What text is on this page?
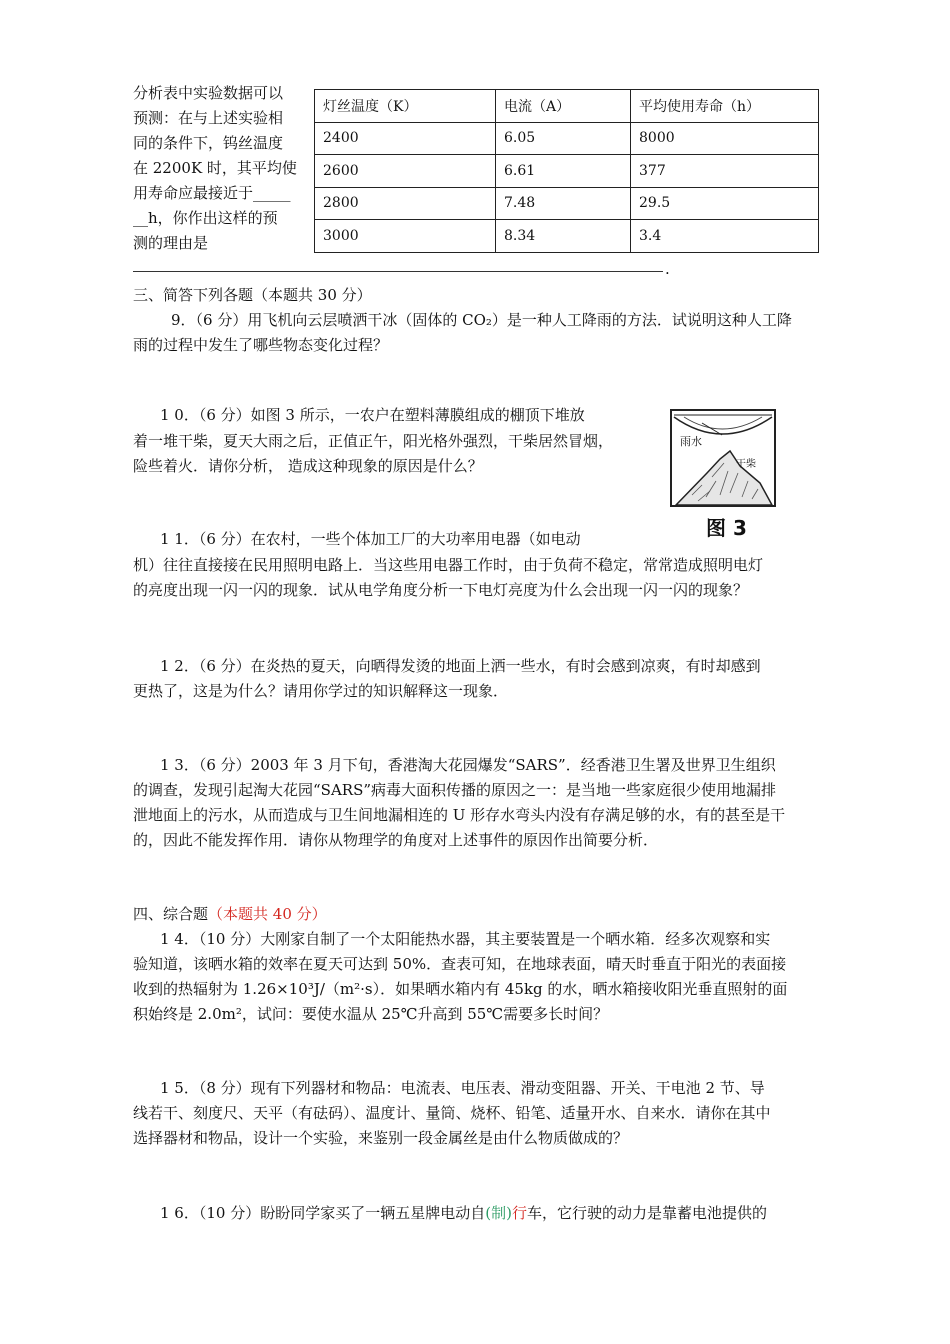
分析表中实验数据可以
预测：在与上述实验相
同的条件下，钨丝温度
在 2200K 时，其平均使
用寿命应最接近于_____
__h，你作出这样的预
测的理由是
灯丝温度（K）	电流（A）	平均使用寿命（h）
2400	6.05	8000
2600	6.61	377
2800	7.48	29.5
3000	8.34	3.4
.
三、简答下列各题（本题共 30 分）
9．（6 分）用飞机向云层喷洒干冰（固体的 CO₂）是一种人工降雨的方法．试说明这种人工降
雨的过程中发生了哪些物态变化过程？
1 0．（6 分）如图 3 所示，一农户在塑料薄膜组成的棚顶下堆放
着一堆干柴，夏天大雨之后，正值正午，阳光格外强烈，干柴居然冒烟，
险些着火．请你分析， 造成这种现象的原因是什么？
雨水
干柴
图 3
1 1．（6 分）在农村，一些个体加工厂的大功率用电器（如电动
机）往往直接接在民用照明电路上．当这些用电器工作时，由于负荷不稳定，常常造成照明电灯
的亮度出现一闪一闪的现象．试从电学角度分析一下电灯亮度为什么会出现一闪一闪的现象？
1 2．（6 分）在炎热的夏天，向晒得发烫的地面上洒一些水，有时会感到凉爽，有时却感到
更热了，这是为什么？请用你学过的知识解释这一现象．
1 3．（6 分）2003 年 3 月下旬，香港淘大花园爆发“SARS”．经香港卫生署及世界卫生组织
的调查，发现引起淘大花园“SARS”病毒大面积传播的原因之一：是当地一些家庭很少使用地漏排
泄地面上的污水，从而造成与卫生间地漏相连的 U 形存水弯头内没有存满足够的水，有的甚至是干
的，因此不能发挥作用．请你从物理学的角度对上述事件的原因作出简要分析．
四、综合题（本题共 40 分）
1 4．（10 分）大刚家自制了一个太阳能热水器，其主要装置是一个晒水箱．经多次观察和实
验知道，该晒水箱的效率在夏天可达到 50%．查表可知，在地球表面，晴天时垂直于阳光的表面接
收到的热辐射为 1.26×10³J/（m²·s）．如果晒水箱内有 45kg 的水，晒水箱接收阳光垂直照射的面
积始终是 2.0m²，试问：要使水温从 25℃升高到 55℃需要多长时间？
1 5．（8 分）现有下列器材和物品：电流表、电压表、滑动变阻器、开关、干电池 2 节、导
线若干、刻度尺、天平（有砝码）、温度计、量筒、烧杯、铅笔、适量开水、自来水．请你在其中
选择器材和物品，设计一个实验，来鉴别一段金属丝是由什么物质做成的？
1 6．（10 分）盼盼同学家买了一辆五星牌电动自(制)行车，它行驶的动力是靠蓄电池提供的
